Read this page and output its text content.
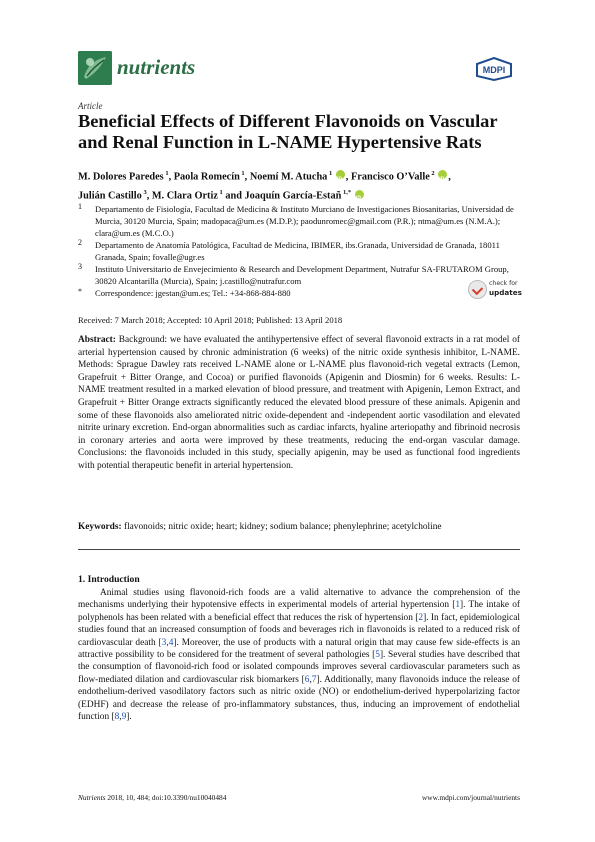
nutrients	MDPI
Article
Beneficial Effects of Different Flavonoids on Vascular and Renal Function in L-NAME Hypertensive Rats
M. Dolores Paredes $^1$, Paola Romecín $^1$, Noemí M. Atucha $^1$ iD , Francisco O’Valle $^2$ iD ,
Julián Castillo $^3$, M. Clara Ortiz $^1$ and Joaquín García-Estañ $^{1,*}$ iD
1 Departamento de Fisiología, Facultad de Medicina & Instituto Murciano de Investigaciones Biosanitarias, Universidad de Murcia, 30120 Murcia, Spain; madopaca@um.es (M.D.P.); paodunromec@gmail.com (P.R.); ntma@um.es (N.M.A.); clara@um.es (M.C.O.)
2 Departamento de Anatomía Patológica, Facultad de Medicina, IBIMER, ibs.Granada, Universidad de Granada, 18011 Granada, Spain; fovalle@ugr.es
3 Instituto Universitario de Envejecimiento & Research and Development Department, Nutrafur SA-FRUTAROM Group, 30820 Alcantarilla (Murcia), Spain; j.castillo@nutrafur.com
* Correspondence: jgestan@um.es; Tel.: +34-868-884-880
check for
updates
Received: 7 March 2018; Accepted: 10 April 2018; Published: 13 April 2018
Abstract: Background: we have evaluated the antihypertensive effect of several flavonoid extracts in a rat model of arterial hypertension caused by chronic administration (6 weeks) of the nitric oxide synthesis inhibitor, L-NAME. Methods: Sprague Dawley rats received L-NAME alone or L-NAME plus flavonoid-rich vegetal extracts (Lemon, Grapefruit + Bitter Orange, and Cocoa) or purified flavonoids (Apigenin and Diosmin) for 6 weeks. Results: L-NAME treatment resulted in a marked elevation of blood pressure, and treatment with Apigenin, Lemon Extract, and Grapefruit + Bitter Orange extracts significantly reduced the elevated blood pressure of these animals. Apigenin and some of these flavonoids also ameliorated nitric oxide-dependent and -independent aortic vasodilation and elevated nitrite urinary excretion. End-organ abnormalities such as cardiac infarcts, hyaline arteriopathy and fibrinoid necrosis in coronary arteries and aorta were improved by these treatments, reducing the end-organ vascular damage. Conclusions: the flavonoids included in this study, specially apigenin, may be used as functional food ingredients with potential therapeutic benefit in arterial hypertension.
Keywords: flavonoids; nitric oxide; heart; kidney; sodium balance; phenylephrine; acetylcholine
1. Introduction
Animal studies using flavonoid-rich foods are a valid alternative to advance the comprehension of the mechanisms underlying their hypotensive effects in experimental models of arterial hypertension [1]. The intake of polyphenols has been related with a beneficial effect that reduces the risk of hypertension [2]. In fact, epidemiological studies found that an increased consumption of foods and beverages rich in flavonoids is related to a reduced risk of cardiovascular death [3,4]. Moreover, the use of products with a natural origin that may cause few side-effects is an attractive possibility to be considered for the treatment of several pathologies [5]. Several studies have described that the consumption of flavonoid-rich food or isolated compounds improves several cardiovascular parameters such as flow-mediated dilation and cardiovascular risk biomarkers [6,7]. Additionally, many flavonoids induce the release of endothelium-derived vasodilatory factors such as nitric oxide (NO) or endothelium-derived hyperpolarizing factor (EDHF) and decrease the release of pro-inflammatory substances, thus, inducing an improvement of endothelial function [8,9].
Nutrients 2018, 10, 484; doi:10.3390/nu10040484	www.mdpi.com/journal/nutrients
